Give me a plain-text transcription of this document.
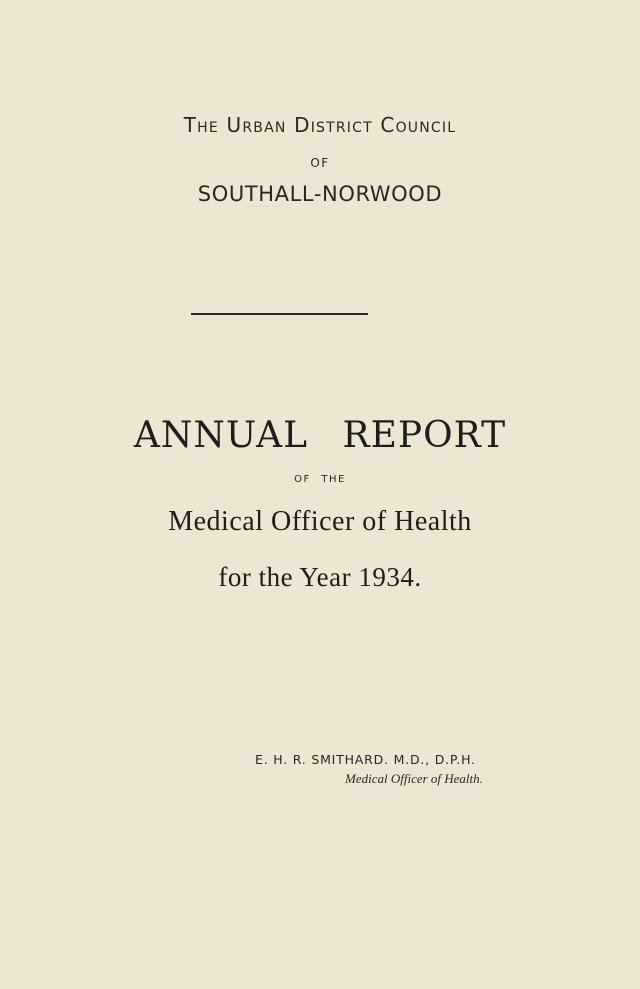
The Urban District Council
OF
SOUTHALL-NORWOOD
ANNUAL REPORT
OF THE
Medical Officer of Health
for the Year 1934.
E. H. R. SMITHARD. M.D., D.P.H.
Medical Officer of Health.
